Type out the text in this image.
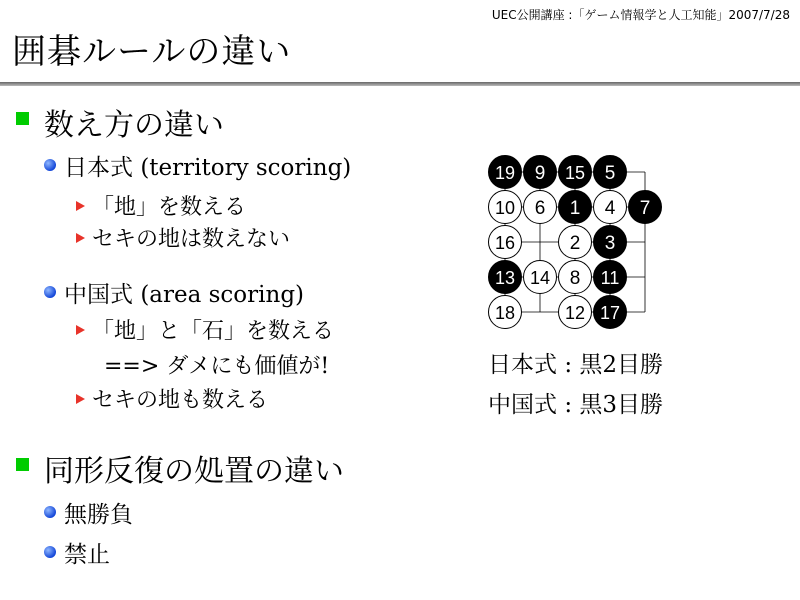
UEC公開講座 :「ゲーム情報学と人工知能」2007/7/28
囲碁ルールの違い
数え方の違い
日本式 (territory scoring)
「地」を数える
セキの地は数えない
中国式 (area scoring)
「地」と「石」を数える
==> ダメにも価値が!
セキの地も数える
同形反復の処置の違い
無勝負
禁止
19 9 15 5
10 6 1 4 7
16	2 3
13 14 8 11
18	12 17
日本式 : 黒2目勝
中国式 : 黒3目勝
